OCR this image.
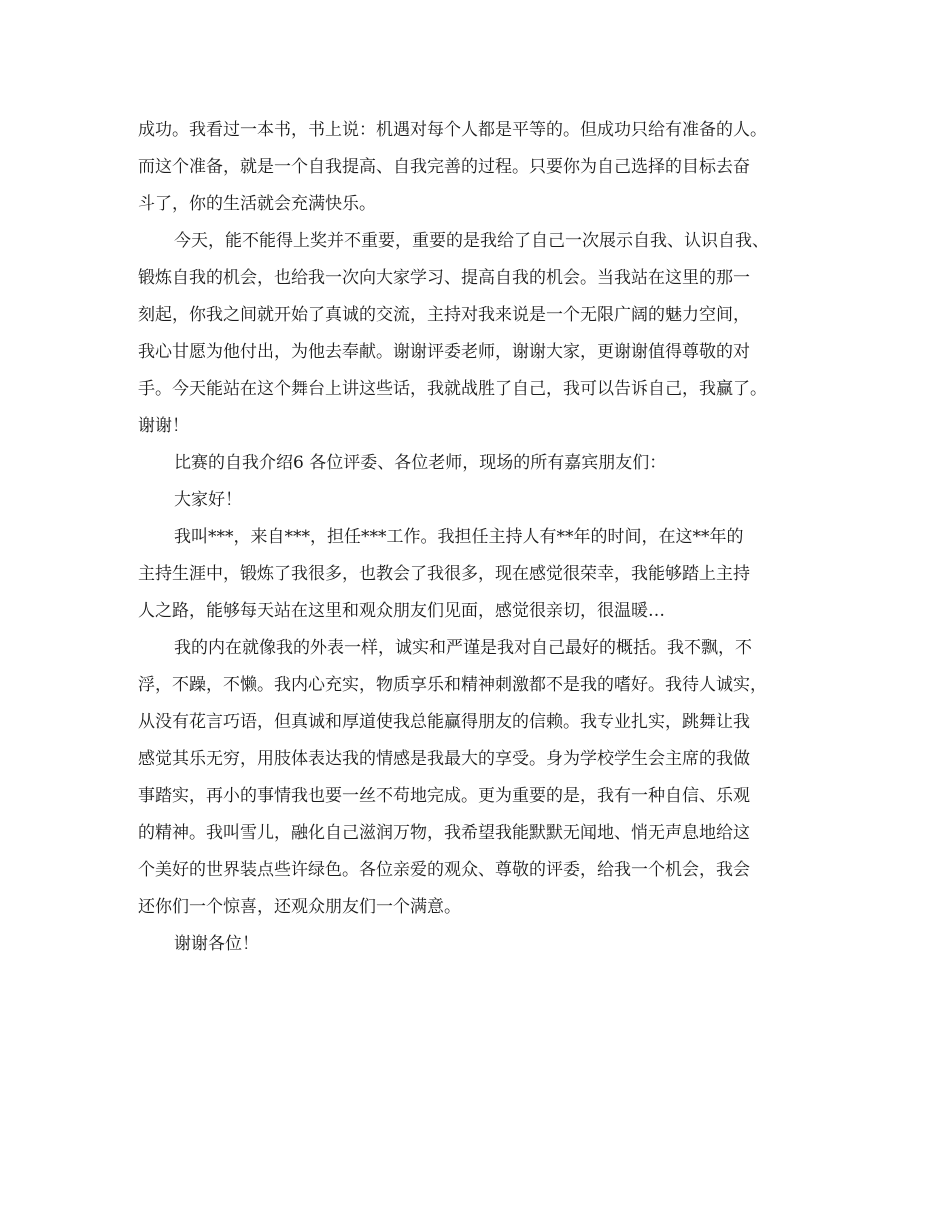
成功。我看过一本书，书上说：机遇对每个人都是平等的。但成功只给有准备的人。
而这个准备，就是一个自我提高、自我完善的过程。只要你为自己选择的目标去奋
斗了，你的生活就会充满快乐。
今天，能不能得上奖并不重要，重要的是我给了自己一次展示自我、认识自我、
锻炼自我的机会，也给我一次向大家学习、提高自我的机会。当我站在这里的那一
刻起，你我之间就开始了真诚的交流，主持对我来说是一个无限广阔的魅力空间，
我心甘愿为他付出，为他去奉献。谢谢评委老师，谢谢大家，更谢谢值得尊敬的对
手。今天能站在这个舞台上讲这些话，我就战胜了自己，我可以告诉自己，我赢了。
谢谢！
比赛的自我介绍6 各位评委、各位老师，现场的所有嘉宾朋友们：
大家好！
我叫***，来自***，担任***工作。我担任主持人有**年的时间，在这**年的
主持生涯中，锻炼了我很多，也教会了我很多，现在感觉很荣幸，我能够踏上主持
人之路，能够每天站在这里和观众朋友们见面，感觉很亲切，很温暖…
我的内在就像我的外表一样，诚实和严谨是我对自己最好的概括。我不飘，不
浮，不躁，不懒。我内心充实，物质享乐和精神刺激都不是我的嗜好。我待人诚实，
从没有花言巧语，但真诚和厚道使我总能赢得朋友的信赖。我专业扎实，跳舞让我
感觉其乐无穷，用肢体表达我的情感是我最大的享受。身为学校学生会主席的我做
事踏实，再小的事情我也要一丝不苟地完成。更为重要的是，我有一种自信、乐观
的精神。我叫雪儿，融化自己滋润万物，我希望我能默默无闻地、悄无声息地给这
个美好的世界装点些许绿色。各位亲爱的观众、尊敬的评委，给我一个机会，我会
还你们一个惊喜，还观众朋友们一个满意。
谢谢各位！
